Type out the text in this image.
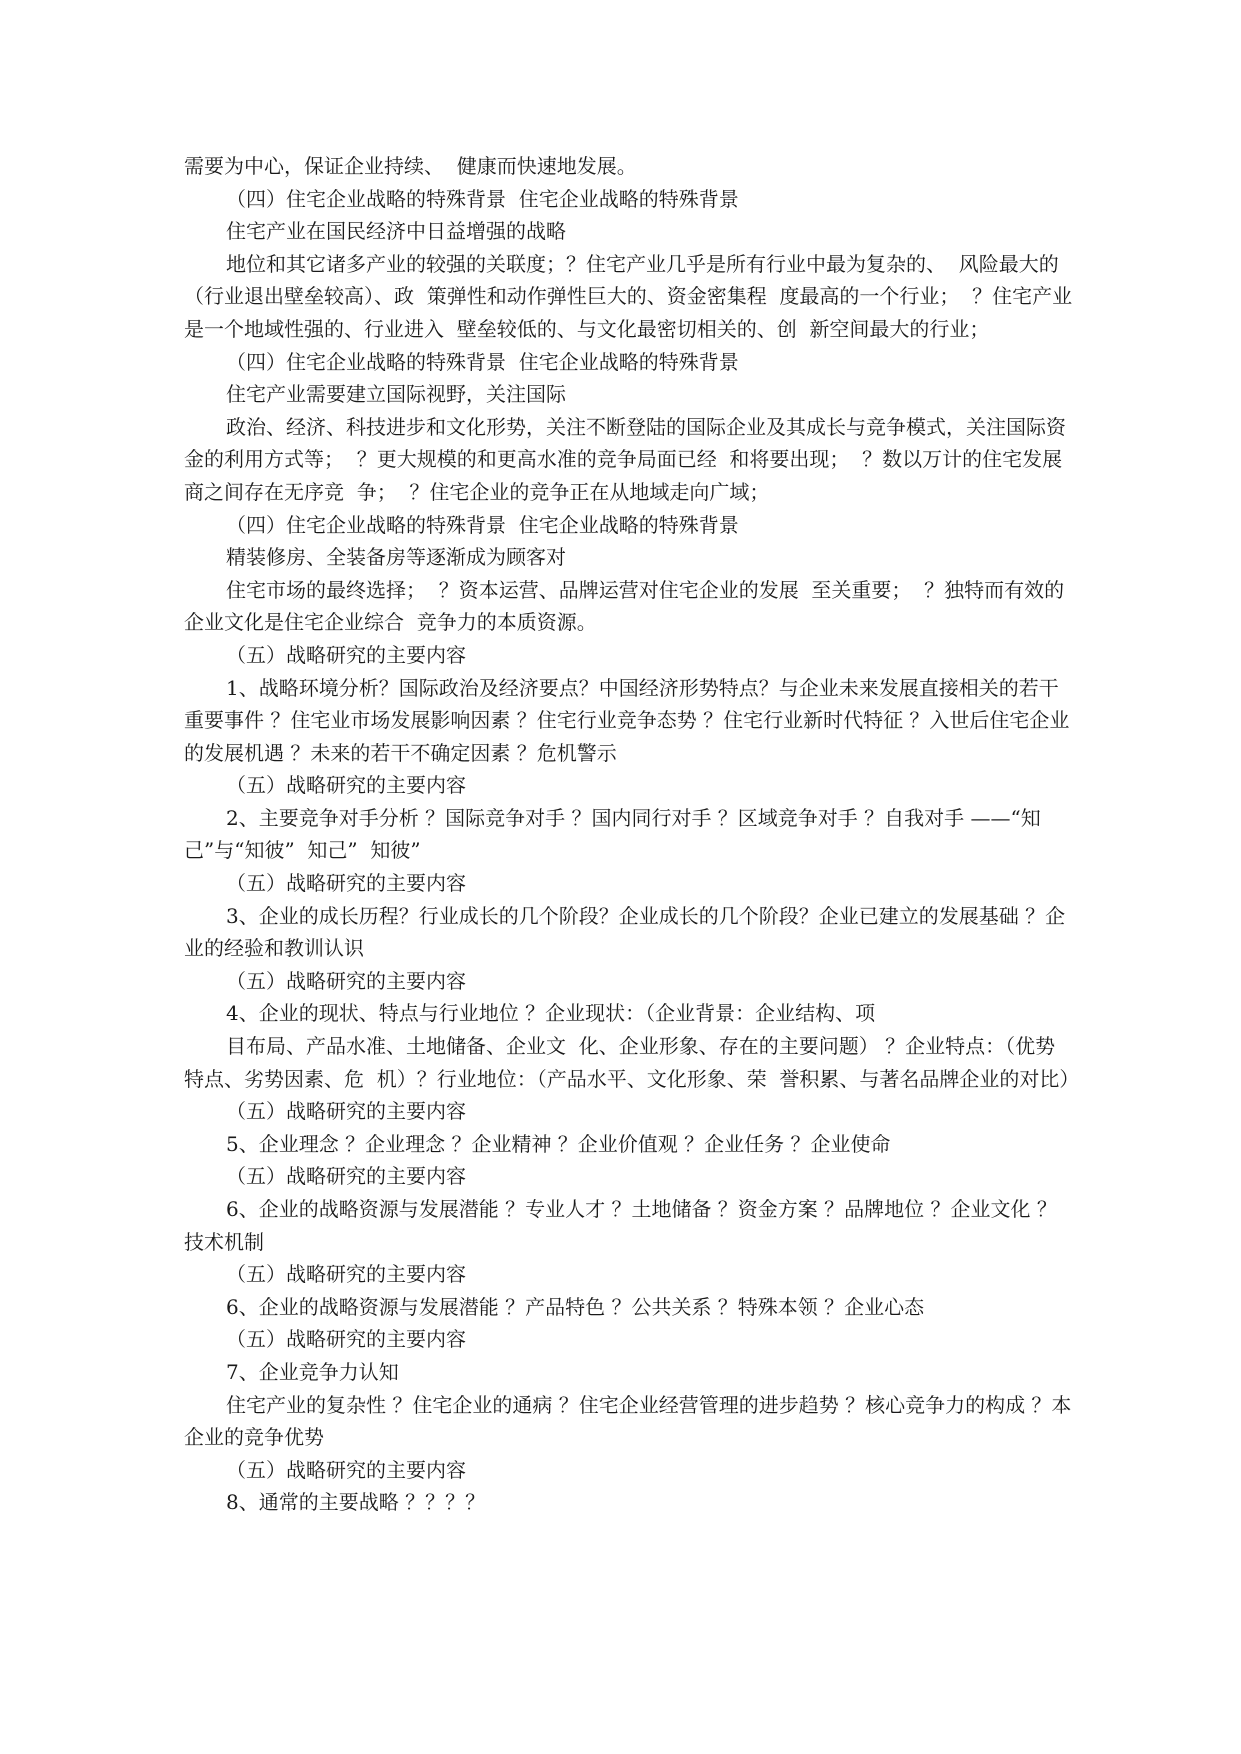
需要为中心，保证企业持续、  健康而快速地发展。

（四）住宅企业战略的特殊背景  住宅企业战略的特殊背景

住宅产业在国民经济中日益增强的战略

地位和其它诸多产业的较强的关联度；？住宅产业几乎是所有行业中最为复杂的、  风险最大的（行业退出壁垒较高）、政  策弹性和动作弹性巨大的、资金密集程  度最高的一个行业；  ？住宅产业是一个地域性强的、行业进入  壁垒较低的、与文化最密切相关的、创  新空间最大的行业；

（四）住宅企业战略的特殊背景  住宅企业战略的特殊背景

住宅产业需要建立国际视野，关注国际

政治、经济、科技进步和文化形势，关注不断登陆的国际企业及其成长与竞争模式，关注国际资金的利用方式等；  ？更大规模的和更高水准的竞争局面已经  和将要出现；  ？数以万计的住宅发展商之间存在无序竞  争；  ？住宅企业的竞争正在从地域走向广域；

（四）住宅企业战略的特殊背景  住宅企业战略的特殊背景

精装修房、全装备房等逐渐成为顾客对

住宅市场的最终选择；  ？资本运营、品牌运营对住宅企业的发展  至关重要；  ？独特而有效的企业文化是住宅企业综合  竞争力的本质资源。

（五）战略研究的主要内容

1、战略环境分析？国际政治及经济要点？中国经济形势特点？与企业未来发展直接相关的若干重要事件 ？住宅业市场发展影响因素 ？住宅行业竞争态势 ？住宅行业新时代特征 ？入世后住宅企业的发展机遇 ？未来的若干不确定因素 ？危机警示

（五）战略研究的主要内容

2、主要竞争对手分析 ？国际竞争对手 ？国内同行对手 ？区域竞争对手 ？自我对手 ——“知己”与“知彼”  知己”  知彼”

（五）战略研究的主要内容

3、企业的成长历程？行业成长的几个阶段？企业成长的几个阶段？企业已建立的发展基础 ？企业的经验和教训认识

（五）战略研究的主要内容

4、企业的现状、特点与行业地位 ？企业现状：（企业背景：企业结构、项

目布局、产品水准、土地储备、企业文  化、企业形象、存在的主要问题） ？企业特点：（优势特点、劣势因素、危  机）？行业地位：（产品水平、文化形象、荣  誉积累、与著名品牌企业的对比）

（五）战略研究的主要内容

5、企业理念 ？企业理念 ？企业精神 ？企业价值观 ？企业任务 ？企业使命

（五）战略研究的主要内容

6、企业的战略资源与发展潜能 ？专业人才 ？土地储备 ？资金方案 ？品牌地位 ？企业文化 ？技术机制

（五）战略研究的主要内容

6、企业的战略资源与发展潜能 ？产品特色 ？公共关系 ？特殊本领 ？企业心态

（五）战略研究的主要内容

7、企业竞争力认知

住宅产业的复杂性 ？住宅企业的通病 ？住宅企业经营管理的进步趋势 ？核心竞争力的构成 ？本企业的竞争优势

（五）战略研究的主要内容

8、通常的主要战略 ？？？？
